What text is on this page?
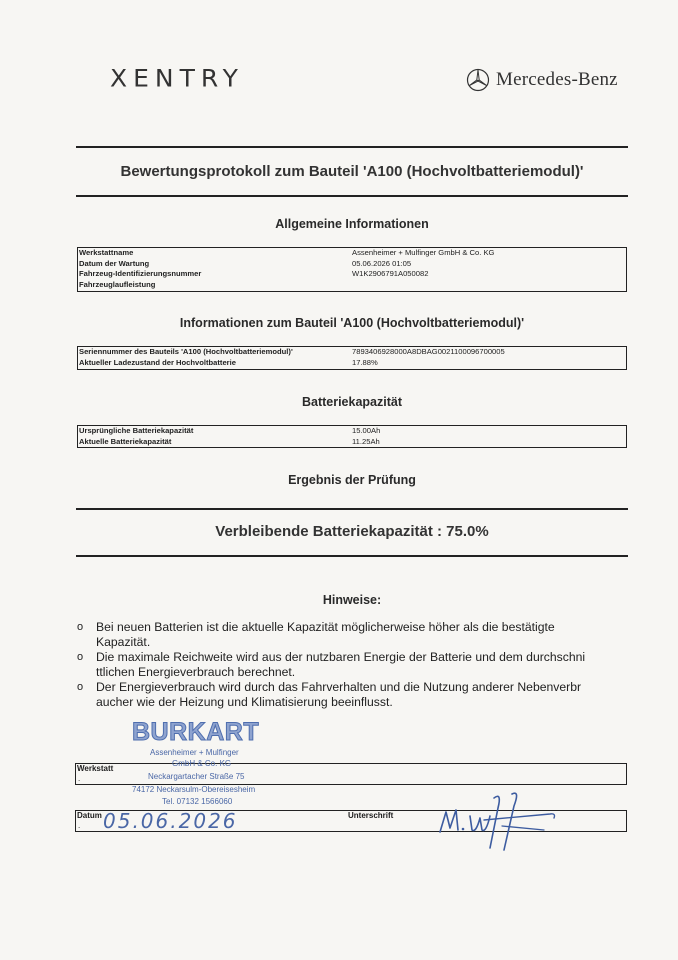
XENTRY	Mercedes-Benz
Bewertungsprotokoll zum Bauteil 'A100 (Hochvoltbatteriemodul)'
Allgemeine Informationen
Werkstattname	Assenheimer + Mulfinger GmbH & Co. KG
Datum der Wartung	05.06.2026 01:05
Fahrzeug-Identifizierungsnummer	W1K2906791A050082
Fahrzeuglaufleistung
Informationen zum Bauteil 'A100 (Hochvoltbatteriemodul)'
Seriennummer des Bauteils 'A100 (Hochvoltbatteriemodul)'	7893406928000A8DBAG0021100096700005
Aktueller Ladezustand der Hochvoltbatterie	17.88%
Batteriekapazität
Ursprüngliche Batteriekapazität	15.00Ah
Aktuelle Batteriekapazität	11.25Ah
Ergebnis der Prüfung
Verbleibende Batteriekapazität : 75.0%
Hinweise:
o Bei neuen Batterien ist die aktuelle Kapazität möglicherweise höher als die bestätigte
Kapazität.
o Die maximale Reichweite wird aus der nutzbaren Energie der Batterie und dem durchschni
ttlichen Energieverbrauch berechnet.
o Der Energieverbrauch wird durch das Fahrverhalten und die Nutzung anderer Nebenverbr
aucher wie der Heizung und Klimatisierung beeinflusst.
Werkstatt
.
BURKART
Assenheimer + Mulfinger
GmbH & Co. KG
Neckargartacher Straße 75
74172 Neckarsulm-Obereisesheim
Tel. 07132 1566060
Datum
.
Unterschrift
05.06.2026
